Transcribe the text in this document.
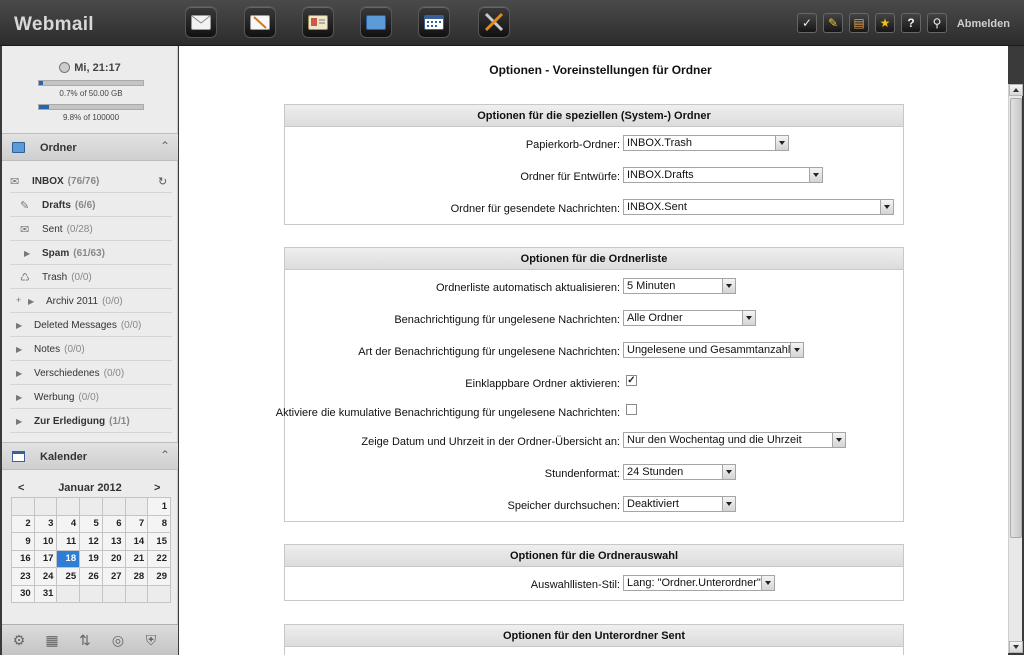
Webmail	✓ ✎ ▤ ★ ? ⚲ Abmelden
Mi, 21:17
0.7% of 50.00 GB
9.8% of 100000
Ordner	⌃
✉ INBOX (76/76)	↻
✎ Drafts (6/6)
✉ Sent (0/28)
▶ Spam (61/63)
♺ Trash (0/0)
+ ▶ Archiv 2011 (0/0)
▶ Deleted Messages (0/0)
▶ Notes (0/0)
▶ Verschiedenes (0/0)
▶ Werbung (0/0)
▶ Zur Erledigung (1/1)
Kalender	⌃
<	Januar 2012	>
						1
2	3	4	5	6	7	8
9	10	11	12	13	14	15
16	17	18	19	20	21	22
23	24	25	26	27	28	29
30	31					
⚙ ▦ ⇅ ◎ ⛨
Optionen - Voreinstellungen für Ordner
Optionen für die speziellen (System-) Ordner
Papierkorb-Ordner: INBOX.Trash
Ordner für Entwürfe: INBOX.Drafts
Ordner für gesendete Nachrichten: INBOX.Sent
Optionen für die Ordnerliste
Ordnerliste automatisch aktualisieren: 5 Minuten
Benachrichtigung für ungelesene Nachrichten: Alle Ordner
Art der Benachrichtigung für ungelesene Nachrichten: Ungelesene und Gesammtanzahl
Einklappbare Ordner aktivieren: ✓
Aktiviere die kumulative Benachrichtigung für ungelesene Nachrichten:
Zeige Datum und Uhrzeit in der Ordner-Übersicht an: Nur den Wochentag und die Uhrzeit
Stundenformat: 24 Stunden
Speicher durchsuchen: Deaktiviert
Optionen für die Ordnerauswahl
Auswahllisten-Stil: Lang: "Ordner.Unterordner"
Optionen für den Unterordner Sent
